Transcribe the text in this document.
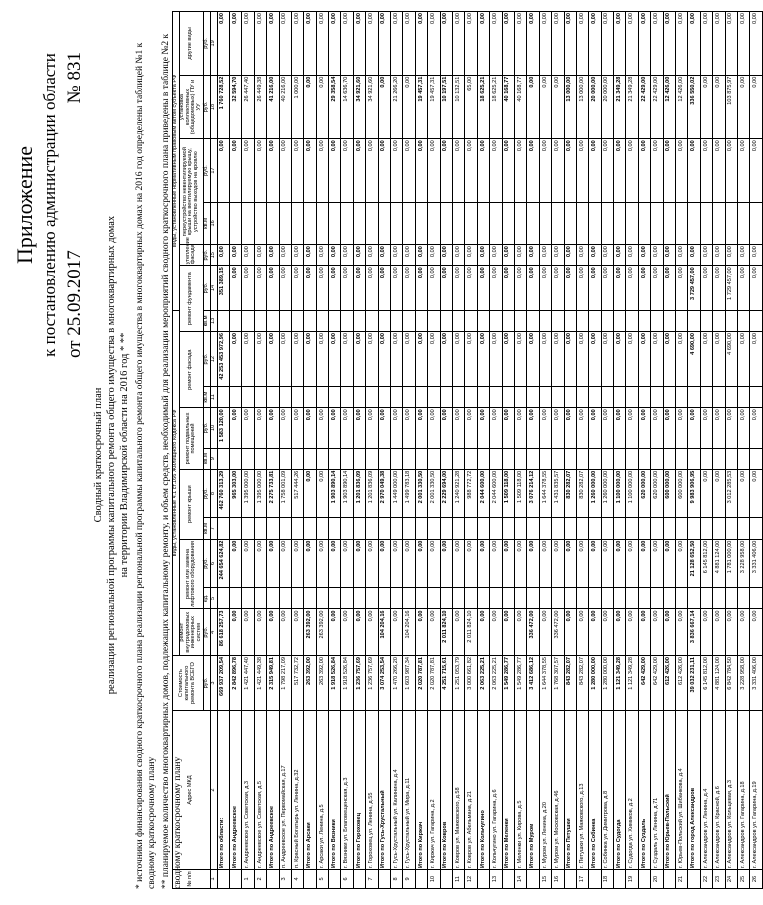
Приложение к постановлению администрации области от 25.09.2017
№ 831
Сводный краткосрочный план реализации региональной программы капитального ремонта общего имущества в многоквартирных домах на территории Владимирской области на 2016 год * ** * источники финансирования сводного краткосрочного плана реализации региональной программы капитального ремонта общего имущества в многоквартирных домах на 2016 год определены таблицей №1 к сводному краткосрочному плану ** планируемое количество многоквартирных домов, подлежащих капитальному ремонту, и объем средств, необходимый для реализации мероприятий сводного краткосрочного плана приведены в таблице №2 к сводному краткосрочному плану № п/п	Адрес МКД	Стоимость капитального ремонта ВСЕГО	виды, установленные ч.1 ст.166 Жилищного Кодекса РФ										виды, установленные нормативным правовым актом субъекта РФ					
			ремонт внутридомовых инженерных систем	ремонт или замена лифтового оборудования		ремонт крыши		ремонт подвальных помещений		ремонт фасада		ремонт фундамента		утепление фасада	переустройство невентилируемой крыши на вентилируемую крышу, устройство выходов на кровлю		установка коллективных (общедомовых) ПУ и УУ	другие виды
		руб.	руб.	ед.	руб.	кв.м	руб.	кв.м	руб.	кв.м	руб.	кв.м	руб.	руб.	кв.м	руб.	руб.	руб.
1	2	3	4	5	6	7	8	9	10	11	12	13	14	15	16	17	18	19
	Итого по области:	669 937 209,54	86 618 257,73		244 654 624,82		462 760 313,29		1 583 120,00		42 253 453 972,96		351 389,15	0,00		0,00	1 760 728,52	0,00
	Итого по Андреевское	2 842 896,78	0,00		0,00		965 303,00		0,00		0,00		0,00	0,00		0,00	32 594,70	0,00
1	г. Андреевское ул. Советская, д.3	1 421 447,40	0,00		0,00		1 395 000,00		0,00		0,00		0,00	0,00		0,00	26 447,40	0,00
2	г. Андреевское ул. Советская, д.5	1 421 449,38	0,00		0,00		1 395 000,00		0,00		0,00		0,00	0,00		0,00	26 449,38	0,00
	Итого по Андреевское	2 315 949,81	0,00		0,00		2 275 733,81		0,00		0,00		0,00	0,00		0,00	41 216,00	0,00
3	п. Андреевское ул. Первомайская, д.17	1 798 217,09	0,00		0,00		1 758 001,09		0,00		0,00		0,00	0,00		0,00	40 216,00	0,00
4	п. Красный Богатырь ул. Ленина, д.32	517 732,72	0,00		0,00		517 444,26		0,00		0,00		0,00	0,00		0,00	1 000,00	0,00
	Итого по Арсаки	263 392,00	263 392,00		0,00		0,00		0,00		0,00		0,00	0,00		0,00	0,00	0,00
5	г. Арсаки ул. Ленина, д.5	263 392,00	263 392,00		0,00		0,00		0,00		0,00		0,00	0,00		0,00	0,00	0,00
	Итого по Вязники	1 918 526,84	0,00		0,00		1 903 890,14		0,00		0,00		0,00	0,00		0,00	29 358,54	0,00
6	г. Вязники ул. Благовещенская, д.3	1 918 526,84	0,00		0,00		1 903 890,14		0,00		0,00		0,00	0,00		0,00	14 636,70	0,00
	Итого по Гороховец	1 236 757,69	0,00		0,00		1 201 836,09		0,00		0,00		0,00	0,00		0,00	34 921,60	0,00
7	г. Гороховец ул. Ленина, д.55	1 236 757,69	0,00		0,00		1 201 836,09		0,00		0,00		0,00	0,00		0,00	34 921,60	0,00
	Итого по Гусь-Хрустальный	3 074 253,54	104 204,16		0,00		2 970 049,38		0,00		0,00		0,00	0,00		0,00	0,00	0,00
8	г. Гусь-Хрустальный ул. Калинина, д.4	1 470 266,20	0,00		0,00		1 449 000,00		0,00		0,00		0,00	0,00		0,00	21 266,20	0,00
9	г. Гусь-Хрустальный ул. Мира, д.11	1 603 987,34	104 204,16		0,00		1 499 783,18		0,00		0,00		0,00	0,00		0,00	0,00	0,00
	Итого по Киржач	2 020 787,81	0,00		0,00		2 001 330,50		0,00		0,00		0,00	0,00		0,00	19 457,31	0,00
10	г. Киржач ул. Гагарина, д.2	2 020 787,81	0,00		0,00		2 001 330,50		0,00		0,00		0,00	0,00		0,00	19 457,31	0,00
	Итого по Ковров	4 251 715,61	2 011 824,10		0,00		2 229 694,00		0,00		0,00		0,00	0,00		0,00	10 197,51	0,00
11	г. Ковров ул. Маяковского, д.58	1 251 053,79	0,00		0,00		1 240 921,28		0,00		0,00		0,00	0,00		0,00	10 132,51	0,00
12	г. Ковров ул. Абельмана, д.21	3 000 661,82	2 011 824,10		0,00		988 772,72		0,00		0,00		0,00	0,00		0,00	65,00	0,00
	Итого по Кольчугино	2 063 225,21	0,00		0,00		2 044 600,00		0,00		0,00		0,00	0,00		0,00	18 625,21	0,00
13	г. Кольчугино ул. Гагарина, д.6	2 063 225,21	0,00		0,00		2 044 600,00		0,00		0,00		0,00	0,00		0,00	18 625,21	0,00
	Итого по Меленки	1 549 286,77	0,00		0,00		1 509 118,00		0,00		0,00		0,00	0,00		0,00	40 168,77	0,00
14	г. Меленки ул. Кирова, д.5	1 549 286,77	0,00		0,00		1 509 118,00		0,00		0,00		0,00	0,00		0,00	40 168,77	0,00
	Итого по Муром	3 412 686,12	336 472,00		0,00		3 076 214,12		0,00		0,00		0,00	0,00		0,00	0,00	0,00
15	г. Муром ул. Ленина, д.20	1 644 378,55	0,00		0,00		1 644 378,55		0,00		0,00		0,00	0,00		0,00	0,00	0,00
16	г. Муром ул. Московская, д.46	1 768 307,57	336 472,00		0,00		1 431 835,57		0,00		0,00		0,00	0,00		0,00	0,00	0,00
	Итого по Петушки	843 282,07	0,00		0,00		830 282,07		0,00		0,00		0,00	0,00		0,00	13 000,00	0,00
17	г. Петушки ул. Маяковского, д.13	843 282,07	0,00		0,00		830 282,07		0,00		0,00		0,00	0,00		0,00	13 000,00	0,00
	Итого по Собинка	1 280 000,00	0,00		0,00		1 260 000,00		0,00		0,00		0,00	0,00		0,00	20 000,00	0,00
18	г. Собинка ул. Димитрова, д.8	1 280 000,00	0,00		0,00		1 260 000,00		0,00		0,00		0,00	0,00		0,00	20 000,00	0,00
	Итого по Судогда	1 121 349,28	0,00		0,00		1 100 000,00		0,00		0,00		0,00	0,00		0,00	21 349,28	0,00
19	г. Судогда ул. Химиков, д.2	1 121 349,28	0,00		0,00		1 100 000,00		0,00		0,00		0,00	0,00		0,00	21 349,28	0,00
	Итого по Суздаль	642 429,00	0,00		0,00		620 000,00		0,00		0,00		0,00	0,00		0,00	22 429,00	0,00
20	г. Суздаль ул. Ленина, д.71	642 429,00	0,00		0,00		620 000,00		0,00		0,00		0,00	0,00		0,00	22 429,00	0,00
	Итого по Юрьев-Польский	612 426,00	0,00		0,00		600 000,00		0,00		0,00		0,00	0,00		0,00	12 426,00	0,00
21	г. Юрьев-Польский ул. Шибанкова, д.4	612 426,00	0,00		0,00		600 000,00		0,00		0,00		0,00	0,00		0,00	12 426,00	0,00
	Итого по город Александров	39 032 231,11	3 836 667,14		21 128 652,50		9 983 906,95		0,00		4 690,00		3 729 457,00	0,00		0,00	336 550,02	0,00
22	г. Александров ул. Ленина, д.4	6 145 812,00	0,00		6 145 812,00		0,00		0,00		0,00		0,00	0,00		0,00	0,00	0,00
23	г. Александров ул. Красной, д.6	4 881 124,00	0,00		4 881 124,00		0,00		0,00		0,00		0,00	0,00		0,00	0,00	0,00
24	г. Александров ул. Кольцевая, д.3	6 842 784,50	0,00		1 781 000,00		3 012 285,53		0,00		4 690,00		1 729 457,00	0,00		0,00	103 875,97	0,00
25	г. Александров ул. Гагарина, д.18	3 228 958,00	0,00		3 228 958,00		0,00		0,00		0,00		0,00	0,00		0,00	0,00	0,00
26	г. Александров ул. Гагарина, д.19	3 331 406,00	0,00		3 331 406,00		0,00		0,00		0,00		0,00	0,00		0,00	0,00	0,00
